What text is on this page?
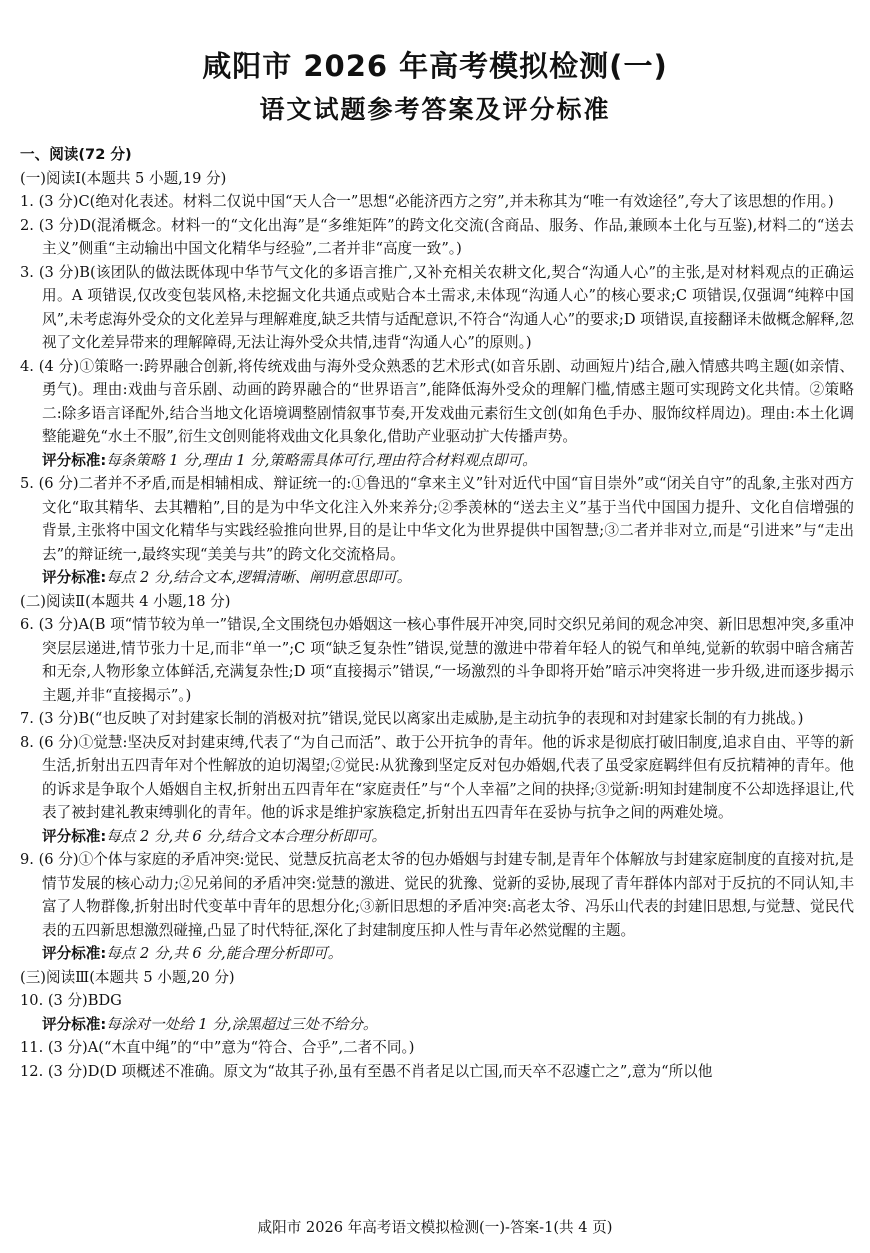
咸阳市 2026 年高考模拟检测(一)
语文试题参考答案及评分标准

一、阅读(72 分)

(一)阅读Ⅰ(本题共 5 小题,19 分)

1. (3 分)C(绝对化表述。材料二仅说中国“天人合一”思想“必能济西方之穷”,并未称其为“唯一有效途径”,夸大了该思想的作用。)

2. (3 分)D(混淆概念。材料一的“文化出海”是“多维矩阵”的跨文化交流(含商品、服务、作品,兼顾本土化与互鉴),材料二的“送去主义”侧重“主动输出中国文化精华与经验”,二者并非“高度一致”。)

3. (3 分)B(该团队的做法既体现中华节气文化的多语言推广,又补充相关农耕文化,契合“沟通人心”的主张,是对材料观点的正确运用。A 项错误,仅改变包装风格,未挖掘文化共通点或贴合本土需求,未体现“沟通人心”的核心要求;C 项错误,仅强调“纯粹中国风”,未考虑海外受众的文化差异与理解难度,缺乏共情与适配意识,不符合“沟通人心”的要求;D 项错误,直接翻译未做概念解释,忽视了文化差异带来的理解障碍,无法让海外受众共情,违背“沟通人心”的原则。)

4. (4 分)①策略一:跨界融合创新,将传统戏曲与海外受众熟悉的艺术形式(如音乐剧、动画短片)结合,融入情感共鸣主题(如亲情、勇气)。理由:戏曲与音乐剧、动画的跨界融合的“世界语言”,能降低海外受众的理解门槛,情感主题可实现跨文化共情。②策略二:除多语言译配外,结合当地文化语境调整剧情叙事节奏,开发戏曲元素衍生文创(如角色手办、服饰纹样周边)。理由:本土化调整能避免“水土不服”,衍生文创则能将戏曲文化具象化,借助产业驱动扩大传播声势。

评分标准:每条策略 1 分,理由 1 分,策略需具体可行,理由符合材料观点即可。

5. (6 分)二者并不矛盾,而是相辅相成、辩证统一的:①鲁迅的“拿来主义”针对近代中国“盲目崇外”或“闭关自守”的乱象,主张对西方文化“取其精华、去其糟粕”,目的是为中华文化注入外来养分;②季羡林的“送去主义”基于当代中国国力提升、文化自信增强的背景,主张将中国文化精华与实践经验推向世界,目的是让中华文化为世界提供中国智慧;③二者并非对立,而是“引进来”与“走出去”的辩证统一,最终实现“美美与共”的跨文化交流格局。

评分标准:每点 2 分,结合文本,逻辑清晰、阐明意思即可。

(二)阅读Ⅱ(本题共 4 小题,18 分)

6. (3 分)A(B 项“情节较为单一”错误,全文围绕包办婚姻这一核心事件展开冲突,同时交织兄弟间的观念冲突、新旧思想冲突,多重冲突层层递进,情节张力十足,而非“单一”;C 项“缺乏复杂性”错误,觉慧的激进中带着年轻人的锐气和单纯,觉新的软弱中暗含痛苦和无奈,人物形象立体鲜活,充满复杂性;D 项“直接揭示”错误,“一场激烈的斗争即将开始”暗示冲突将进一步升级,进而逐步揭示主题,并非“直接揭示”。)

7. (3 分)B(“也反映了对封建家长制的消极对抗”错误,觉民以离家出走威胁,是主动抗争的表现和对封建家长制的有力挑战。)

8. (6 分)①觉慧:坚决反对封建束缚,代表了“为自己而活”、敢于公开抗争的青年。他的诉求是彻底打破旧制度,追求自由、平等的新生活,折射出五四青年对个性解放的迫切渴望;②觉民:从犹豫到坚定反对包办婚姻,代表了虽受家庭羁绊但有反抗精神的青年。他的诉求是争取个人婚姻自主权,折射出五四青年在“家庭责任”与“个人幸福”之间的抉择;③觉新:明知封建制度不公却选择退让,代表了被封建礼教束缚驯化的青年。他的诉求是维护家族稳定,折射出五四青年在妥协与抗争之间的两难处境。

评分标准:每点 2 分,共 6 分,结合文本合理分析即可。

9. (6 分)①个体与家庭的矛盾冲突:觉民、觉慧反抗高老太爷的包办婚姻与封建专制,是青年个体解放与封建家庭制度的直接对抗,是情节发展的核心动力;②兄弟间的矛盾冲突:觉慧的激进、觉民的犹豫、觉新的妥协,展现了青年群体内部对于反抗的不同认知,丰富了人物群像,折射出时代变革中青年的思想分化;③新旧思想的矛盾冲突:高老太爷、冯乐山代表的封建旧思想,与觉慧、觉民代表的五四新思想激烈碰撞,凸显了时代特征,深化了封建制度压抑人性与青年必然觉醒的主题。

评分标准:每点 2 分,共 6 分,能合理分析即可。

(三)阅读Ⅲ(本题共 5 小题,20 分)

10. (3 分)BDG

评分标准:每涂对一处给 1 分,涂黑超过三处不给分。

11. (3 分)A(“木直中绳”的“中”意为“符合、合乎”,二者不同。)

12. (3 分)D(D 项概述不准确。原文为“故其子孙,虽有至愚不肖者足以亡国,而天卒不忍遽亡之”,意为“所以他

咸阳市 2026 年高考语文模拟检测(一)-答案-1(共 4 页)
